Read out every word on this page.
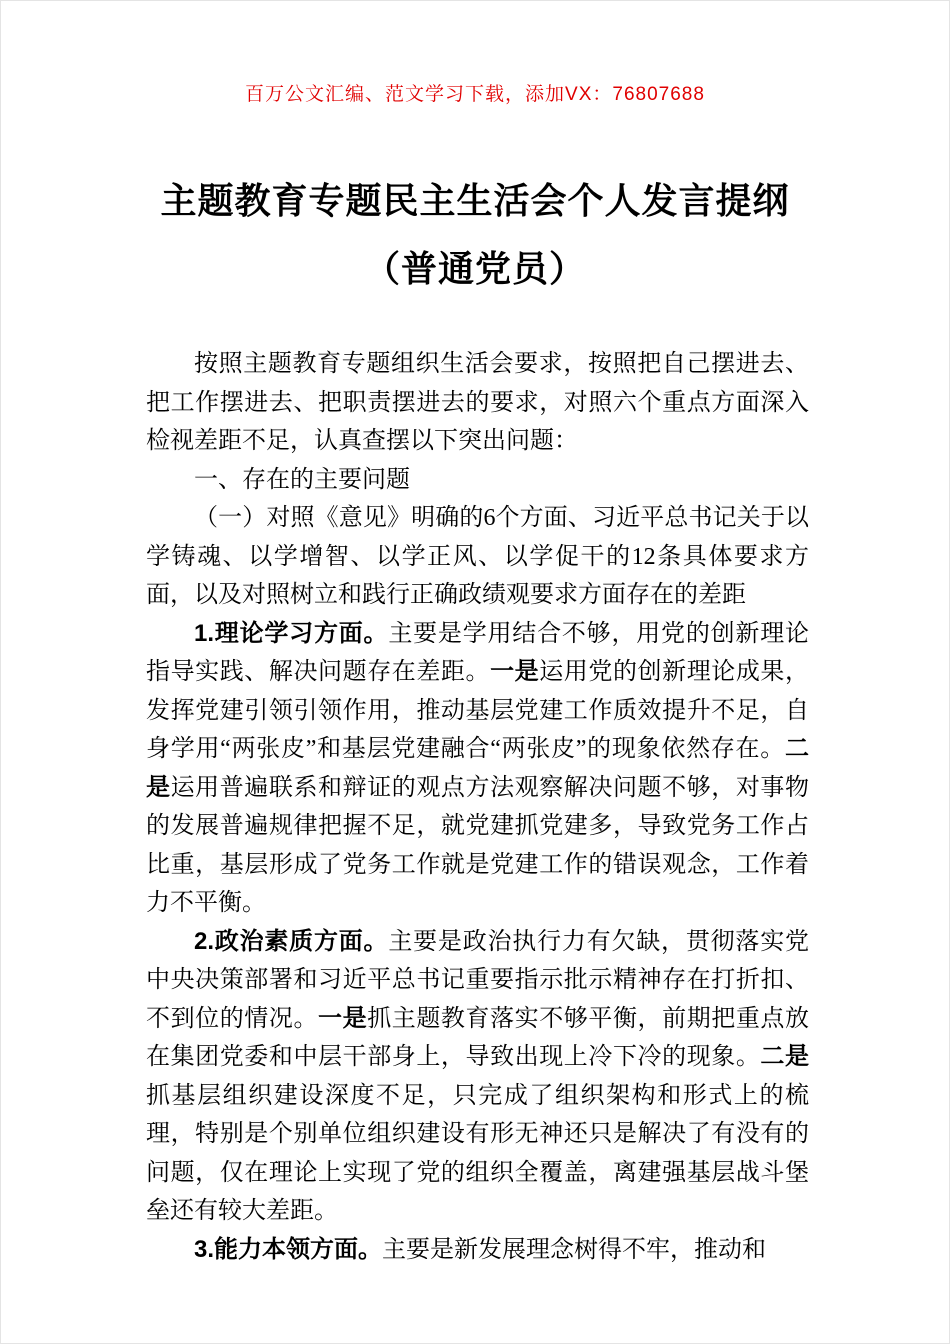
百万公文汇编、范文学习下载，添加VX：76807688
主题教育专题民主生活会个人发言提纲
（普通党员）

按照主题教育专题组织生活会要求，按照把自己摆进去、把工作摆进去、把职责摆进去的要求，对照六个重点方面深入检视差距不足，认真查摆以下突出问题：

一、存在的主要问题

（一）对照《意见》明确的6个方面、习近平总书记关于以学铸魂、以学增智、以学正风、以学促干的12条具体要求方面，以及对照树立和践行正确政绩观要求方面存在的差距

1.理论学习方面。主要是学用结合不够，用党的创新理论指导实践、解决问题存在差距。一是运用党的创新理论成果，发挥党建引领引领作用，推动基层党建工作质效提升不足，自身学用“两张皮”和基层党建融合“两张皮”的现象依然存在。二是运用普遍联系和辩证的观点方法观察解决问题不够，对事物的发展普遍规律把握不足，就党建抓党建多，导致党务工作占比重，基层形成了党务工作就是党建工作的错误观念，工作着力不平衡。

2.政治素质方面。主要是政治执行力有欠缺，贯彻落实党中央决策部署和习近平总书记重要指示批示精神存在打折扣、不到位的情况。一是抓主题教育落实不够平衡，前期把重点放在集团党委和中层干部身上，导致出现上冷下冷的现象。二是抓基层组织建设深度不足，只完成了组织架构和形式上的梳理，特别是个别单位组织建设有形无神还只是解决了有没有的问题，仅在理论上实现了党的组织全覆盖，离建强基层战斗堡垒还有较大差距。

3.能力本领方面。主要是新发展理念树得不牢，推动和
